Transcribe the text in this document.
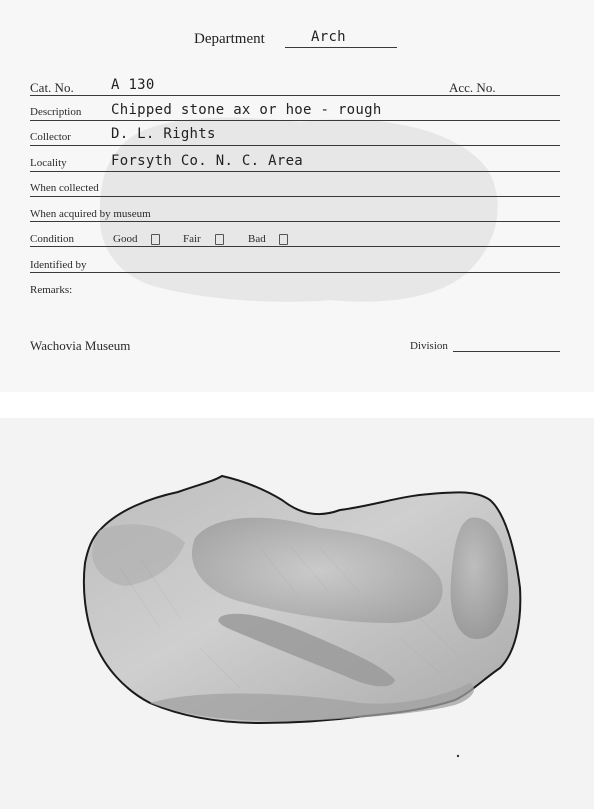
Department	Arch
Cat. No.	A 130	Acc. No.
Description Chipped stone ax or hoe - rough
Collector	D. L. Rights
Locality	Forsyth Co. N. C. Area
When collected
When acquired by museum
Condition	Good	Fair	Bad
Identified by
Remarks:
Wachovia Museum	Division
